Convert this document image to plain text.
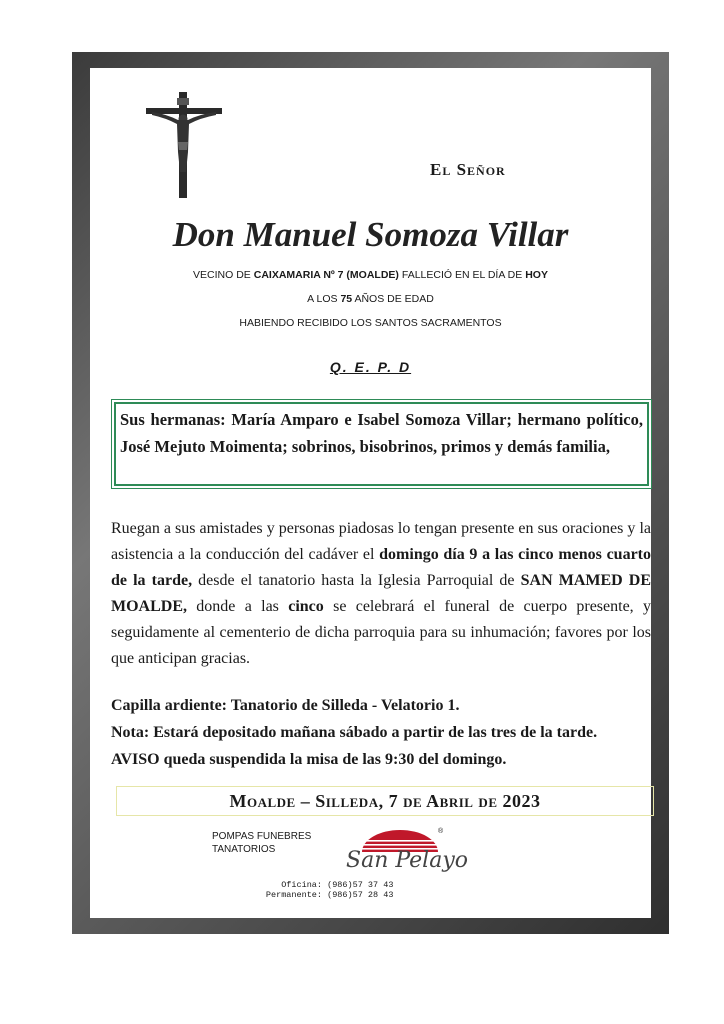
El Señor
Don Manuel Somoza Villar
VECINO DE CAIXAMARIA Nº 7 (MOALDE) FALLECIÓ EN EL DÍA DE HOY
A LOS 75 AÑOS DE EDAD
HABIENDO RECIBIDO LOS SANTOS SACRAMENTOS
Q. E. P. D
Sus hermanas: María Amparo e Isabel Somoza Villar; hermano político, José Mejuto Moimenta; sobrinos, bisobrinos, primos y demás familia,
Ruegan a sus amistades y personas piadosas lo tengan presente en sus oraciones y la asistencia a la conducción del cadáver el domingo día 9 a las cinco menos cuarto de la tarde, desde el tanatorio hasta la Iglesia Parroquial de SAN MAMED DE MOALDE, donde a las cinco se celebrará el funeral de cuerpo presente, y seguidamente al cementerio de dicha parroquia para su inhumación; favores por los que anticipan gracias.
Capilla ardiente: Tanatorio de Silleda - Velatorio 1.
Nota: Estará depositado mañana sábado a partir de las tres de la tarde.
AVISO queda suspendida la misa de las 9:30 del domingo.
Moalde – Silleda, 7 de Abril de 2023
POMPAS FUNEBRES
TANATORIOS	San Pelayo
®
Oficina: (986)57 37 43
Permanente: (986)57 28 43
